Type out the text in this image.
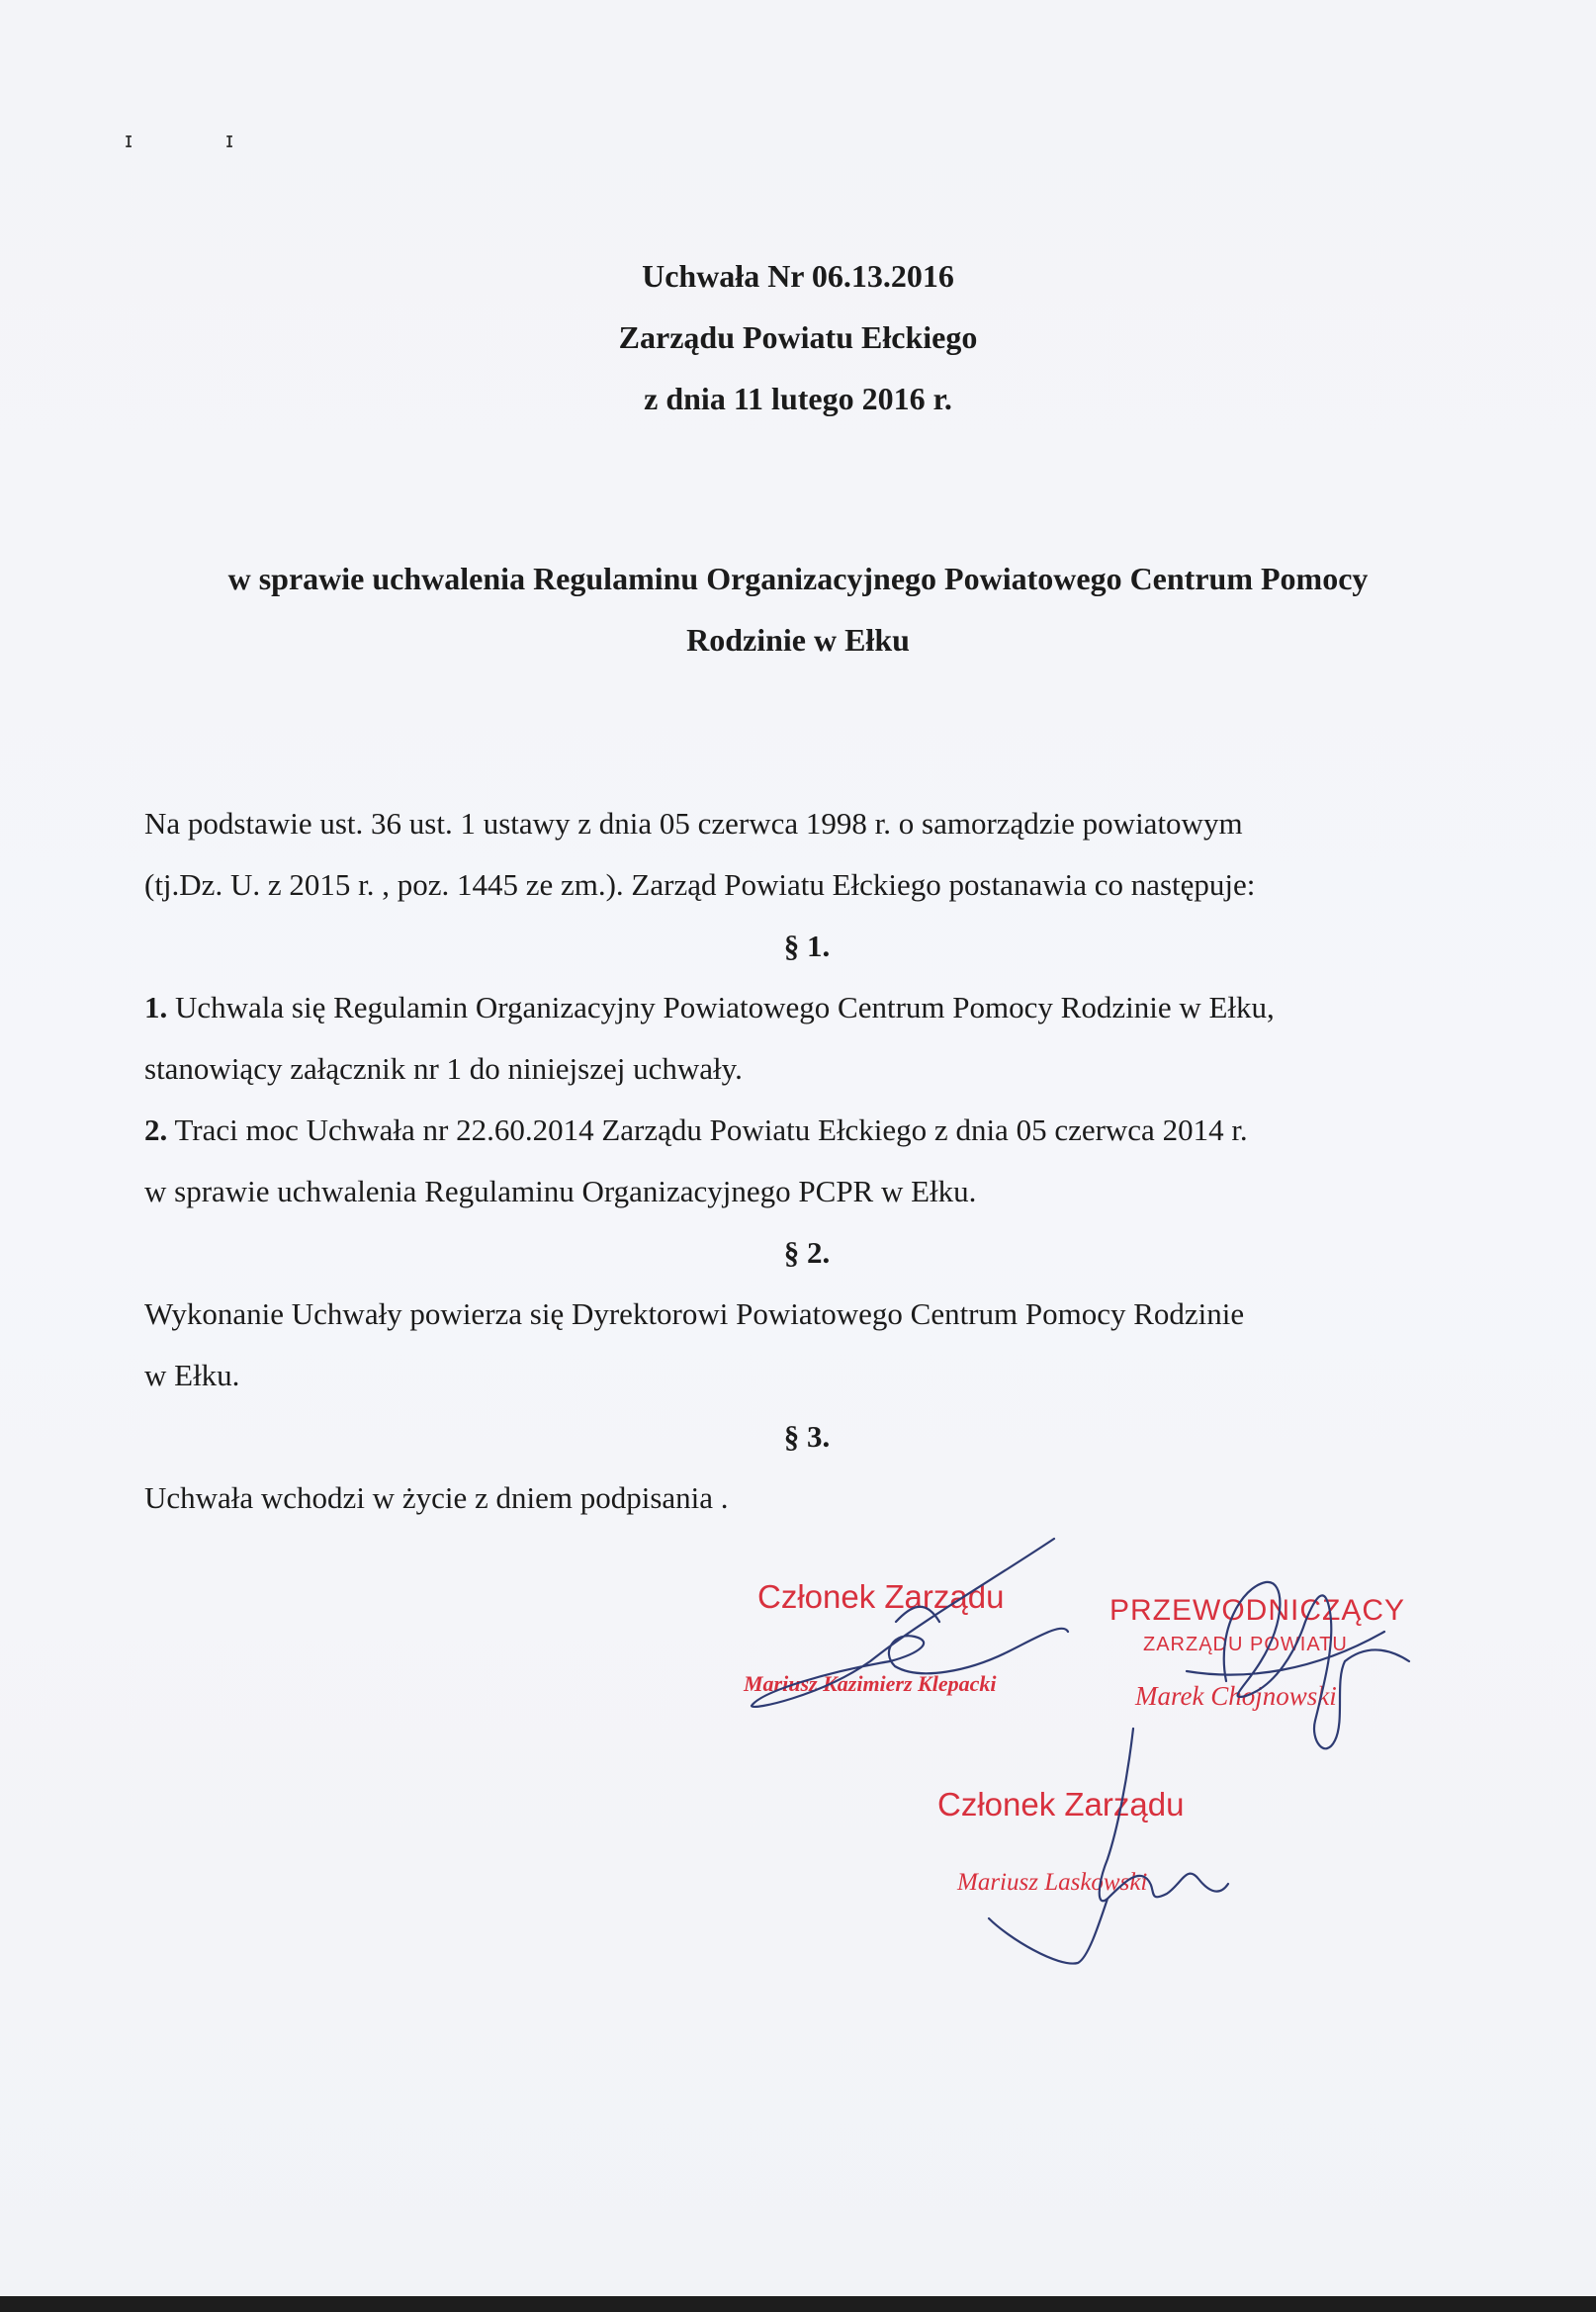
ɪ	ɪ
Uchwała Nr 06.13.2016
Zarządu Powiatu Ełckiego
z dnia 11 lutego 2016 r.
w sprawie uchwalenia Regulaminu Organizacyjnego Powiatowego Centrum Pomocy
Rodzinie w Ełku

Na podstawie ust. 36 ust. 1 ustawy z dnia 05 czerwca 1998 r. o samorządzie powiatowym

(tj.Dz. U. z 2015 r. , poz. 1445 ze zm.). Zarząd Powiatu Ełckiego postanawia co następuje:

§ 1.

1. Uchwala się Regulamin Organizacyjny Powiatowego Centrum Pomocy Rodzinie w Ełku,

stanowiący załącznik nr 1 do niniejszej uchwały.

2. Traci moc Uchwała nr 22.60.2014 Zarządu Powiatu Ełckiego z dnia 05 czerwca 2014 r.

w sprawie uchwalenia Regulaminu Organizacyjnego PCPR w Ełku.

§ 2.

Wykonanie Uchwały powierza się Dyrektorowi Powiatowego Centrum Pomocy Rodzinie

w Ełku.

§ 3.

Uchwała wchodzi w życie z dniem podpisania .

Członek Zarządu
Mariusz Kazimierz Klepacki
PRZEWODNICZĄCY
ZARZĄDU POWIATU
Marek Chojnowski
Członek Zarządu
Mariusz Laskowski
